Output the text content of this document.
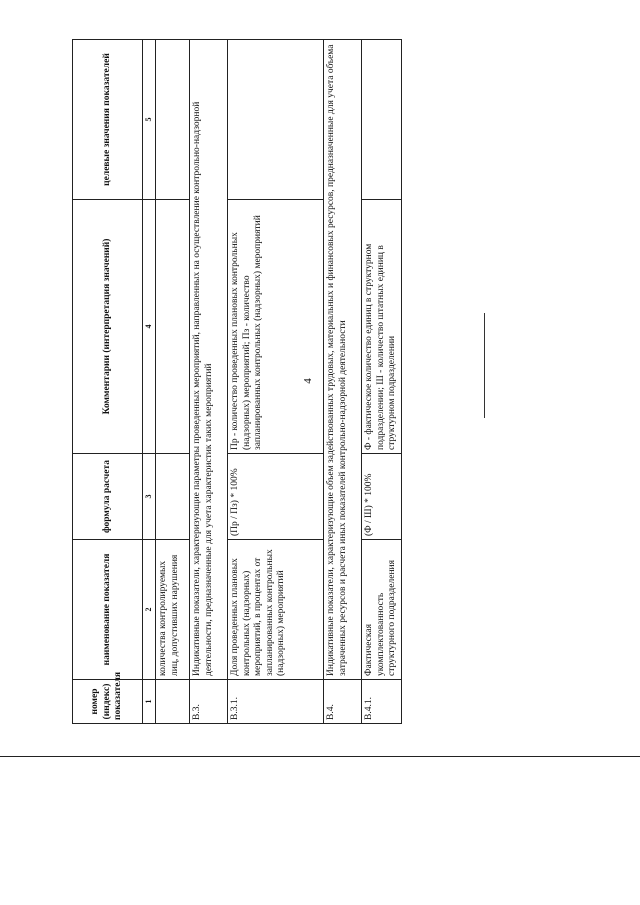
4
номер (индекс) показателя	наименование показателя	формула расчета	Комментарии (интерпретация значений)	целевые значения показателей
1	2	3	4	5
	количества контролируемых лиц, допустивших нарушения			
В.3.	Индикативные показатели, характеризующие параметры проведенных мероприятий, направленных на осуществление контрольно-надзорной деятельности, предназначенные для учета характеристик таких мероприятий			
В.3.1.	Доля проведенных плановых контрольных (надзорных) мероприятий, в процентах от запланированных контрольных (надзорных) мероприятий	(Пр / Пз) * 100%	Пр - количество проведенных плановых контрольных (надзорных) мероприятий; Пз - количество запланированных контрольных (надзорных) мероприятий	
В.4.	Индикативные показатели, характеризующие объем задействованных трудовых, материальных и финансовых ресурсов, предназначенные для учета объема затраченных ресурсов и расчета иных показателей контрольно-надзорной деятельности			
В.4.1.	Фактическая укомплектованность структурного подразделения	(Ф / Ш) * 100%	Ф - фактическое количество единиц в структурном подразделении; Ш - количество штатных единиц в структурном подразделении	
